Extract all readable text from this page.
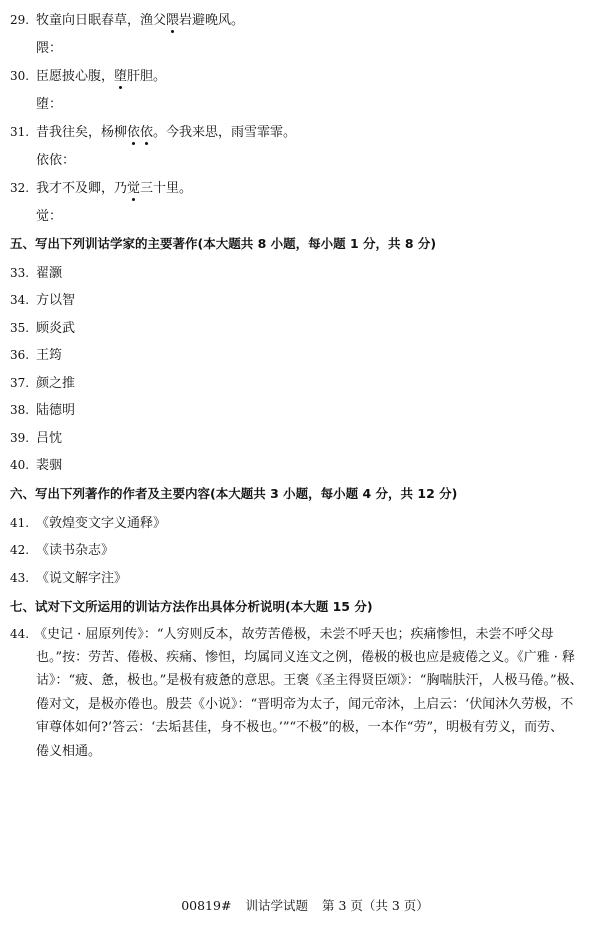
29. 牧童向日眠春草，渔父隈岩避晚风。
隈：
30. 臣愿披心腹，堕肝胆。
堕：
31. 昔我往矣，杨柳依依。今我来思，雨雪霏霏。
依依：
32. 我才不及卿，乃觉三十里。
觉：
五、写出下列训诂学家的主要著作(本大题共 8 小题，每小题 1 分，共 8 分)
33. 翟灏
34. 方以智
35. 顾炎武
36. 王筠
37. 颜之推
38. 陆德明
39. 吕忱
40. 裴骃
六、写出下列著作的作者及主要内容(本大题共 3 小题，每小题 4 分，共 12 分)
41. 《敦煌变文字义通释》
42. 《读书杂志》
43. 《说文解字注》
七、试对下文所运用的训诂方法作出具体分析说明(本大题 15 分)
44. 《史记 · 屈原列传》：“人穷则反本，故劳苦倦极，未尝不呼天也；疾痛惨怛，未尝不呼父母
也。”按：劳苦、倦极、疾痛、惨怛，均属同义连文之例，倦极的极也应是疲倦之义。《广雅 · 释
诂》：“疲、惫，极也。”是极有疲惫的意思。王褒《圣主得贤臣颂》：“胸喘肤汗，人极马倦。”极、
倦对文，是极亦倦也。殷芸《小说》：“晋明帝为太子，闻元帝沐，上启云：‘伏闻沐久劳极，不
审尊体如何?’答云：‘去垢甚佳，身不极也。’”“不极”的极，一本作“劳”，明极有劳义，而劳、
倦义相通。
00819# 训诂学试题 第 3 页（共 3 页）
